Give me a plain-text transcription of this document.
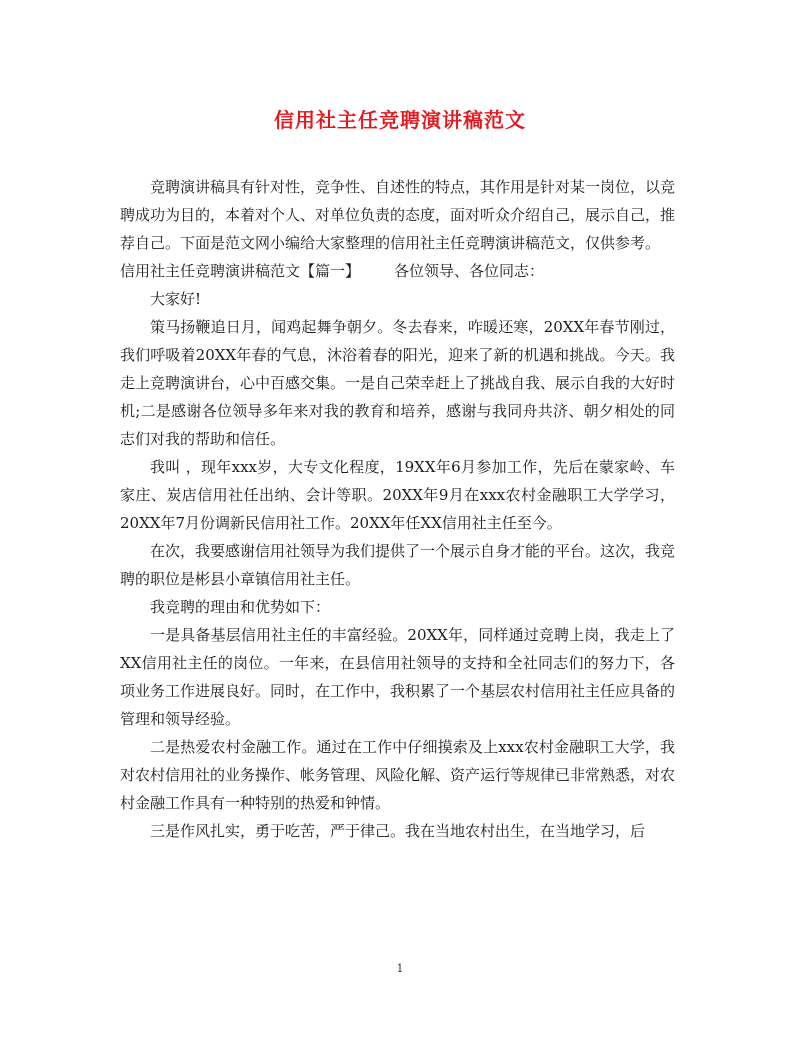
信用社主任竞聘演讲稿范文

竞聘演讲稿具有针对性，竞争性、自述性的特点，其作用是针对某一岗位，以竞聘成功为目的，本着对个人、对单位负责的态度，面对听众介绍自己，展示自己，推荐自己。下面是范文网小编给大家整理的信用社主任竞聘演讲稿范文，仅供参考。

信用社主任竞聘演讲稿范文【篇一】 各位领导、各位同志：

大家好!

策马扬鞭追日月，闻鸡起舞争朝夕。冬去春来，咋暖还寒，20XX年春节刚过，我们呼吸着20XX年春的气息，沐浴着春的阳光，迎来了新的机遇和挑战。今天。我走上竞聘演讲台，心中百感交集。一是自己荣幸赶上了挑战自我、展示自我的大好时机;二是感谢各位领导多年来对我的教育和培养，感谢与我同舟共济、朝夕相处的同志们对我的帮助和信任。

我叫 ，现年xxx岁，大专文化程度，19XX年6月参加工作，先后在蒙家岭、车家庄、炭店信用社任出纳、会计等职。20XX年9月在xxx农村金融职工大学学习，20XX年7月份调新民信用社工作。20XX年任XX信用社主任至今。

在次，我要感谢信用社领导为我们提供了一个展示自身才能的平台。这次，我竞聘的职位是彬县小章镇信用社主任。

我竞聘的理由和优势如下：

一是具备基层信用社主任的丰富经验。20XX年，同样通过竞聘上岗，我走上了XX信用社主任的岗位。一年来，在县信用社领导的支持和全社同志们的努力下，各项业务工作进展良好。同时，在工作中，我积累了一个基层农村信用社主任应具备的管理和领导经验。

二是热爱农村金融工作。通过在工作中仔细摸索及上xxx农村金融职工大学，我对农村信用社的业务操作、帐务管理、风险化解、资产运行等规律已非常熟悉，对农村金融工作具有一种特别的热爱和钟情。

三是作风扎实，勇于吃苦，严于律己。我在当地农村出生，在当地学习，后

1
